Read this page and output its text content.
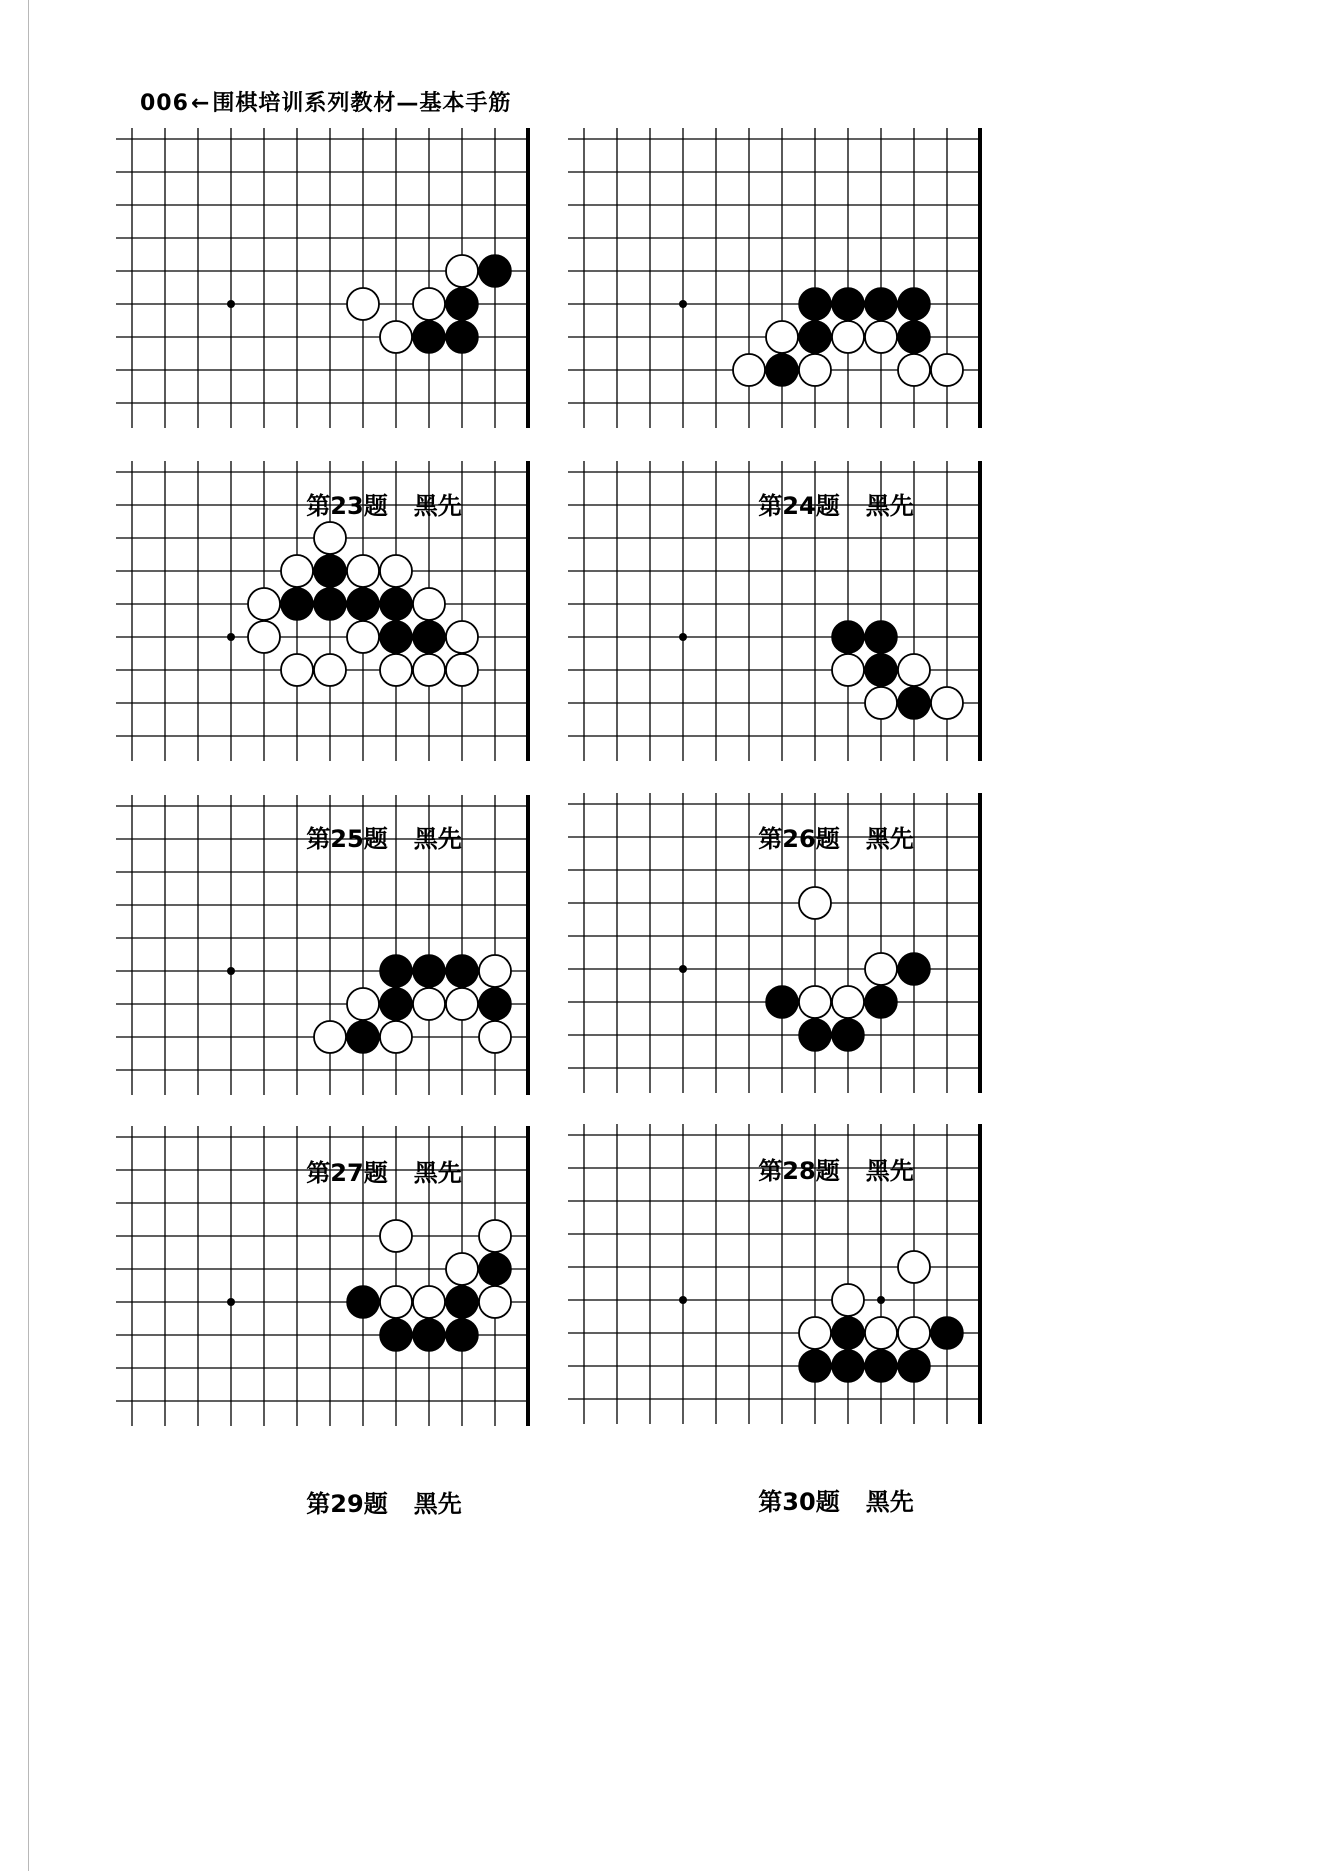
006←围棋培训系列教材—基本手筋
第23题 黑先	第24题 黑先
第25题 黑先	第26题 黑先
第27题 黑先	第28题 黑先
第29题 黑先	第30题 黑先
